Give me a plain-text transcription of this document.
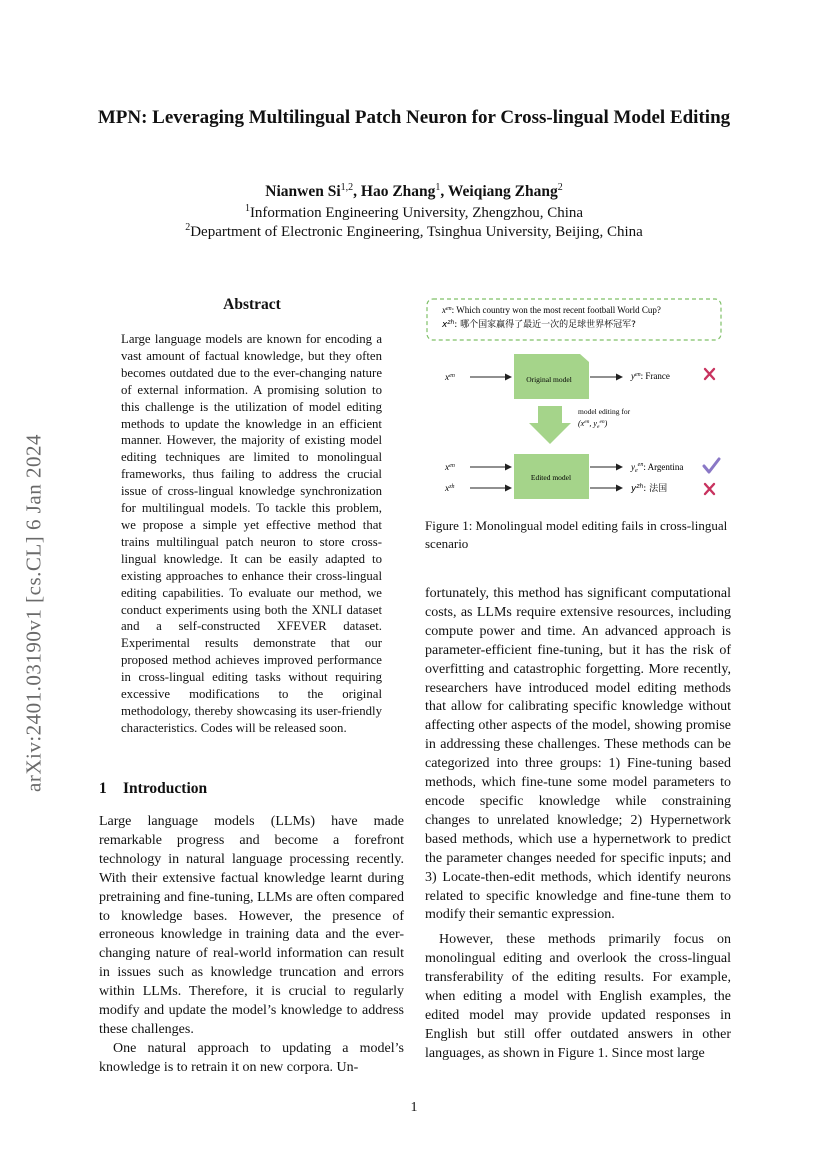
arXiv:2401.03190v1 [cs.CL] 6 Jan 2024
MPN: Leveraging Multilingual Patch Neuron for Cross-lingual Model Editing
Nianwen Si$^{1,2}$, Hao Zhang$^1$, Weiqiang Zhang$^2$
$^1$Information Engineering University, Zhengzhou, China
$^2$Department of Electronic Engineering, Tsinghua University, Beijing, China
Abstract
Large language models are known for encoding a vast amount of factual knowledge, but they often becomes outdated due to the ever-changing nature of external information. A promising solution to this challenge is the utilization of model editing methods to update the knowledge in an efficient manner. However, the majority of existing model editing techniques are limited to monolingual frameworks, thus failing to address the crucial issue of cross-lingual knowledge synchronization for multilingual models. To tackle this problem, we propose a simple yet effective method that trains multilingual patch neuron to store cross-lingual knowledge. It can be easily adapted to existing approaches to enhance their cross-lingual editing capabilities. To evaluate our method, we conduct experiments using both the XNLI dataset and a self-constructed XFEVER dataset. Experimental results demonstrate that our proposed method achieves improved performance in cross-lingual editing tasks without requiring excessive modifications to the original methodology, thereby showcasing its user-friendly characteristics. Codes will be released soon.
1 Introduction

Large language models (LLMs) have made remarkable progress and become a forefront technology in natural language processing recently. With their extensive factual knowledge learnt during pretraining and fine-tuning, LLMs are often compared to knowledge bases. However, the presence of erroneous knowledge in training data and the ever-changing nature of real-world information can result in issues such as knowledge truncation and errors within LLMs. Therefore, it is crucial to regularly modify and update the model’s knowledge to address these challenges.

One natural approach to updating a model’s knowledge is to retrain it on new corpora. Un-

$x^{en}$: Which country won the most recent football World Cup?
$x^{zh}$: 哪个国家赢得了最近一次的足球世界杯冠军?
$x^{en}$	Original model	$y^{en}$: France
model editing for
($x^{en}$, $y_e^{en}$)
$x^{en}$
$x^{zh}$
Edited model
$y_e^{en}$: Argentina
$y^{zh}$: 法国
Figure 1: Monolingual model editing fails in cross-lingual scenario

fortunately, this method has significant computational costs, as LLMs require extensive resources, including compute power and time. An advanced approach is parameter-efficient fine-tuning, but it has the risk of overfitting and catastrophic forgetting. More recently, researchers have introduced model editing methods that allow for calibrating specific knowledge without affecting other aspects of the model, showing promise in addressing these challenges. These methods can be categorized into three groups: 1) Fine-tuning based methods, which fine-tune some model parameters to encode specific knowledge while constraining changes to unrelated knowledge; 2) Hypernetwork based methods, which use a hypernetwork to predict the parameter changes needed for specific inputs; and 3) Locate-then-edit methods, which identify neurons related to specific knowledge and fine-tune them to modify their semantic expression.

However, these methods primarily focus on monolingual editing and overlook the cross-lingual transferability of the editing results. For example, when editing a model with English examples, the edited model may provide updated responses in English but still offer outdated answers in other languages, as shown in Figure 1. Since most large

1
